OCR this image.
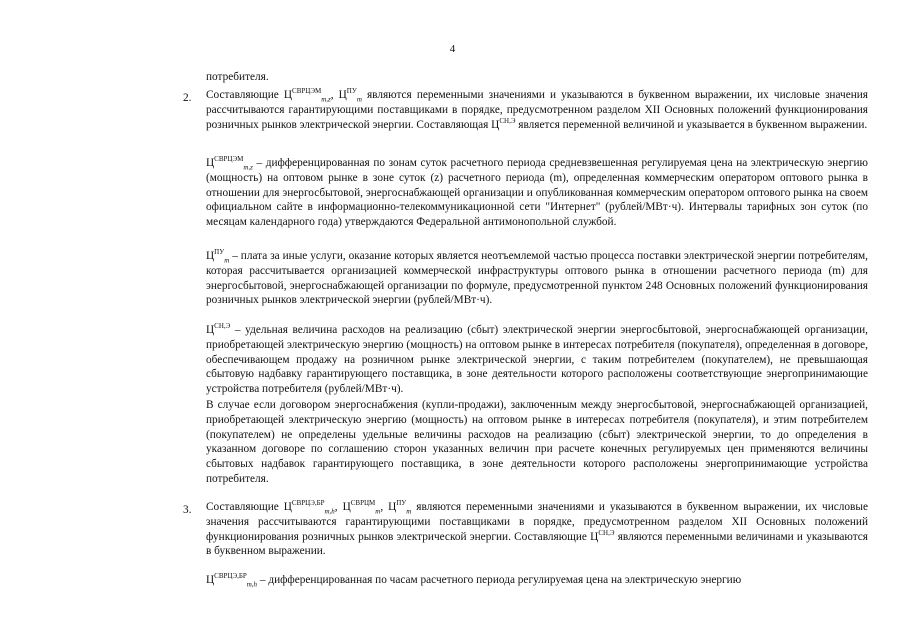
4
потребителя.
2. Составляющие $Ц^{СВРЦЭМ}_{m,z}$, $Ц^{ПУ}_m$ являются переменными значениями и указываются в буквенном выражении, их числовые значения рассчитываются гарантирующими поставщиками в порядке, предусмотренном разделом XII Основных положений функционирования розничных рынков электрической энергии. Составляющая $Ц^{СН,Э}$ является переменной величиной и указывается в буквенном выражении.

$Ц^{СВРЦЭМ}_{m,z}$ – дифференцированная по зонам суток расчетного периода средневзвешенная регулируемая цена на электрическую энергию (мощность) на оптовом рынке в зоне суток (z) расчетного периода (m), определенная коммерческим оператором оптового рынка в отношении для энергосбытовой, энергоснабжающей организации и опубликованная коммерческим оператором оптового рынка на своем официальном сайте в информационно-телекоммуникационной сети "Интернет" (рублей/МВт·ч). Интервалы тарифных зон суток (по месяцам календарного года) утверждаются Федеральной антимонопольной службой.

$Ц^{ПУ}_m$ – плата за иные услуги, оказание которых является неотъемлемой частью процесса поставки электрической энергии потребителям, которая рассчитывается организацией коммерческой инфраструктуры оптового рынка в отношении расчетного периода (m) для энергосбытовой, энергоснабжающей организации по формуле, предусмотренной пунктом 248 Основных положений функционирования розничных рынков электрической энергии (рублей/МВт·ч).

$Ц^{СН,Э}$ – удельная величина расходов на реализацию (сбыт) электрической энергии энергосбытовой, энергоснабжающей организации, приобретающей электрическую энергию (мощность) на оптовом рынке в интересах потребителя (покупателя), определенная в договоре, обеспечивающем продажу на розничном рынке электрической энергии, с таким потребителем (покупателем), не превышающая сбытовую надбавку гарантирующего поставщика, в зоне деятельности которого расположены соответствующие энергопринимающие устройства потребителя (рублей/МВт·ч).

В случае если договором энергоснабжения (купли-продажи), заключенным между энергосбытовой, энергоснабжающей организацией, приобретающей электрическую энергию (мощность) на оптовом рынке в интересах потребителя (покупателя), и этим потребителем (покупателем) не определены удельные величины расходов на реализацию (сбыт) электрической энергии, то до определения в указанном договоре по соглашению сторон указанных величин при расчете конечных регулируемых цен применяются величины сбытовых надбавок гарантирующего поставщика, в зоне деятельности которого расположены энергопринимающие устройства потребителя.
3. Составляющие $Ц^{СВРЦЭ,БР}_{m,h}$, $Ц^{СВРЦМ}_m$, $Ц^{ПУ}_m$ являются переменными значениями и указываются в буквенном выражении, их числовые значения рассчитываются гарантирующими поставщиками в порядке, предусмотренном разделом XII Основных положений функционирования розничных рынков электрической энергии. Составляющие $Ц^{СН,Э}$ являются переменными величинами и указываются в буквенном выражении.

$Ц^{СВРЦЭ,БР}_{m,h}$ – дифференцированная по часам расчетного периода регулируемая цена на электрическую энергию
